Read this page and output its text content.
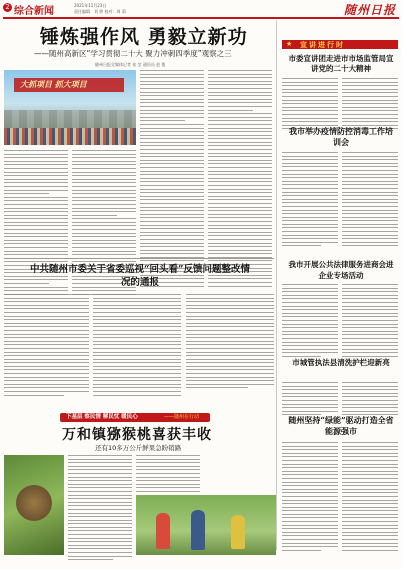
2 综合新闻
2021年11月23日
责任编辑：刘 婷 校对：周 莉	随州日报
锤炼强作风 勇毅立新功
——随州高新区“学习贯彻二十大 聚力冲刺四季度”观察之三
随州日报全媒体记者 张 莹 通讯员 赵 俊
大抓项目 抓大项目
★ 宣讲进行时
市委宣讲团走进市市场监管局宣讲党的二十大精神
我市举办疫情防控消毒工作培训会
中共随州市委关于省委巡视“回头看”反馈问题整改情况的通报
我市开展公共法律服务进商会进企业专场活动
市城管执法县清洗护栏迎新亮
下基层 察民情 解民忧 暖民心	——随州在行动
万和镇猕猴桃喜获丰收
还有10多万公斤鲜果急盼销路
随州坚持“绿能”驱动打造全省能源强市
